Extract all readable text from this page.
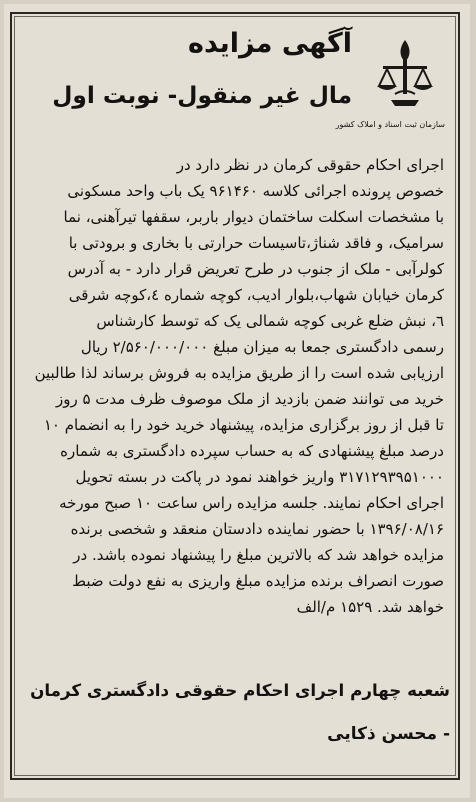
آگهی مزایده
مال غیر منقول- نوبت اول
سازمان ثبت اسناد و املاک کشور
اجرای احکام حقوقی کرمان در نظر دارد در
خصوص پرونده اجرائی کلاسه ۹۶۱۴۶۰ یک باب واحد مسکونی
با مشخصات اسکلت ساختمان دیوار باربر، سقفها تیرآهنی، نما
سرامیک، و فاقد شناژ،تاسیسات حرارتی با بخاری و برودتی با
کولرآبی - ملک از جنوب در طرح تعریض قرار دارد - به آدرس
کرمان خیابان شهاب،بلوار ادیب، کوچه شماره ٤،کوچه شرقی
٦، نبش ضلع غربی کوچه شمالی یک که توسط کارشناس
رسمی دادگستری جمعا به میزان مبلغ ۲/۵۶۰/۰۰۰/۰۰۰ ریال
ارزیابی شده است را از طریق مزایده به فروش برساند لذا طالبین
خرید می توانند ضمن بازدید از ملک موصوف ظرف مدت ۵ روز
تا قبل از روز برگزاری مزایده، پیشنهاد خرید خود را به انضمام ۱۰
درصد مبلغ پیشنهادی که به حساب سپرده دادگستری به شماره
۳۱۷۱۲۹۳۹۵۱۰۰۰ واریز خواهند نمود در پاکت در بسته تحویل
اجرای احکام نمایند. جلسه مزایده راس ساعت ۱۰ صبح مورخه
۱۳۹۶/۰۸/۱۶ با حضور نماینده دادستان منعقد و شخصی برنده
مزایده خواهد شد که بالاترین مبلغ را پیشنهاد نموده باشد. در
صورت انصراف برنده مزایده مبلغ واریزی به نفع دولت ضبط
خواهد شد. ۱۵۲۹ م/الف
شعبه چهارم اجرای احکام حقوقی دادگستری کرمان
- محسن ذکایی
